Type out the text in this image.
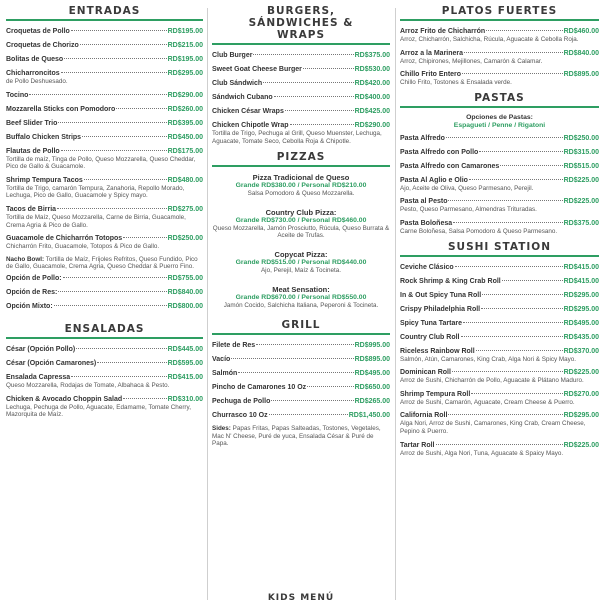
ENTRADAS
Croquetas de Pollo	RD$195.00
Croquetas de Chorizo	RD$215.00
Bolitas de Queso	RD$195.00
Chicharroncitos	RD$295.00
de Pollo Deshuesado.
Tocino	RD$290.00
Mozzarella Sticks con Pomodoro	RD$260.00
Beef Slider Trio	RD$395.00
Buffalo Chicken Strips	RD$450.00
Flautas de Pollo	RD$175.00
Tortilla de maíz, Tinga de Pollo, Queso Mozzarella, Queso Cheddar, Pico de Gallo & Guacamole.
Shrimp Tempura Tacos	RD$480.00
Tortilla de Trigo, camarón Tempura, Zanahoria, Repollo Morado, Lechuga, Pico de Gallo, Guacamole y Spicy mayo.
Tacos de Birria	RD$275.00
Tortilla de Maíz, Queso Mozzarella, Carne de Birria, Guacamole, Crema Agria & Pico de Gallo.
Guacamole de Chicharrón Totopos	RD$250.00
Chicharrón Frito, Guacamole, Totopos & Pico de Gallo.
Nacho Bowl: Tortilla de Maíz, Frijoles Refritos, Queso Fundido, Pico de Gallo, Guacamole, Crema Agria, Queso Cheddar & Puerro Fino.
Opción de Pollo:	RD$755.00
Opción de Res:	RD$840.00
Opción Mixto:	RD$800.00
ENSALADAS
César (Opción Pollo)	RD$445.00
César (Opción Camarones)	RD$595.00
Ensalada Capressa	RD$415.00
Queso Mozzarella, Rodajas de Tomate, Albahaca & Pesto.
Chicken & Avocado Choppin Salad	RD$310.00
Lechuga, Pechuga de Pollo, Aguacate, Edamame, Tomate Cherry, Mazorquita de Maíz.
BURGERS, SÁNDWICHES & WRAPS
Club Burger	RD$375.00
Sweet Goat Cheese Burger	RD$530.00
Club Sándwich	RD$420.00
Sándwich Cubano	RD$400.00
Chicken César Wraps	RD$425.00
Chicken Chipotle Wrap	RD$290.00
Tortilla de Trigo, Pechuga al Grill, Queso Muenster, Lechuga, Aguacate, Tomate Seco, Cebolla Roja & Chipotle.
PIZZAS
Pizza Tradicional de Queso
Grande RD$380.00 / Personal RD$210.00
Salsa Pomodoro & Queso Mozzarella.
Country Club Pizza:
Grande RD$730.00 / Personal RD$460.00
Queso Mozzarella, Jamón Prosciutto, Rúcula, Queso Burrata & Aceite de Trufas.
Copycat Pizza:
Grande RD$515.00 / Personal RD$440.00
Ajo, Perejil, Maíz & Tocineta.
Meat Sensation:
Grande RD$670.00 / Personal RD$550.00
Jamón Cocido, Salchicha Italiana, Peperoni & Tocineta.
GRILL
Filete de Res	RD$995.00
Vacío	RD$895.00
Salmón	RD$495.00
Pincho de Camarones 10 Oz	RD$650.00
Pechuga de Pollo	RD$265.00
Churrasco 10 Oz	RD$1,450.00
Sides: Papas Fritas, Papas Salteadas, Tostones, Vegetales, Mac N' Cheese, Puré de yuca, Ensalada César & Puré de Papa.
PLATOS FUERTES
Arroz Frito de Chicharrón	RD$460.00
Arroz, Chicharrón, Salchicha, Rúcula, Aguacate & Cebolla Roja.
Arroz a la Marinera	RD$840.00
Arroz, Chipirones, Mejillones, Camarón & Calamar.
Chillo Frito Entero	RD$895.00
Chillo Frito, Tostones & Ensalada verde.
PASTAS
Opciones de Pastas:
Espagueti / Penne / Rigatoni
Pasta Alfredo	RD$250.00
Pasta Alfredo con Pollo	RD$315.00
Pasta Alfredo con Camarones	RD$515.00
Pasta Al Aglio e Olio	RD$225.00
Ajo, Aceite de Oliva, Queso Parmesano, Perejil.
Pasta al Pesto	RD$225.00
Pesto, Queso Parmesano, Almendras Trituradas.
Pasta Boloñesa	RD$375.00
Carne Boloñesa, Salsa Pomodoro & Queso Parmesano.
SUSHI STATION
Ceviche Clásico	RD$415.00
Rock Shrimp & King Crab Roll	RD$415.00
In & Out Spicy Tuna Roll	RD$295.00
Crispy Philadelphia Roll	RD$295.00
Spicy Tuna Tartare	RD$495.00
Country Club Roll	RD$435.00
Riceless Rainbow Roll	RD$370.00
Salmón, Atún, Camarones, King Crab, Alga Nori & Spicy Mayo.
Dominican Roll	RD$225.00
Arroz de Sushi, Chicharrón de Pollo, Aguacate & Plátano Maduro.
Shrimp Tempura Roll	RD$270.00
Arroz de Sushi, Camarón, Aguacate, Cream Cheese & Puerro.
California Roll	RD$295.00
Alga Nori, Arroz de Sushi, Camarones, King Crab, Cream Cheese, Pepino & Puerro.
Tartar Roll	RD$225.00
Arroz de Sushi, Alga Nori, Tuna, Aguacate & Spaicy Mayo.
KIDS MENÚ
